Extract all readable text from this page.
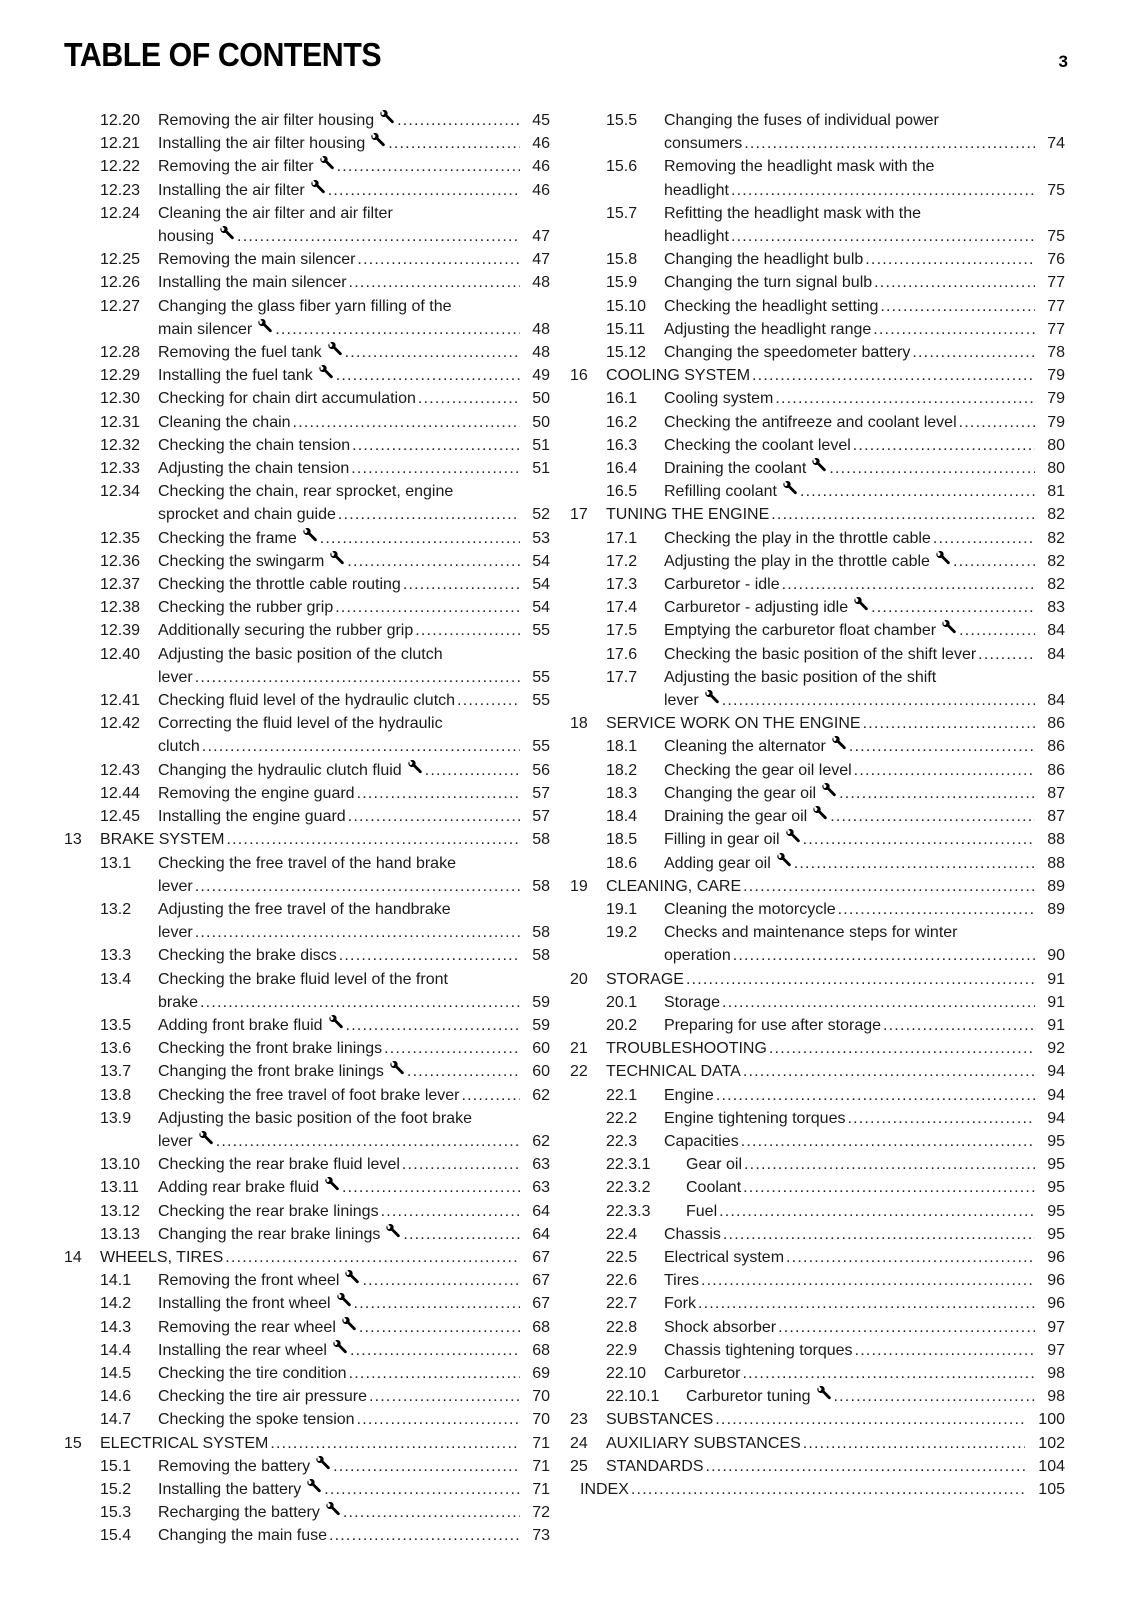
TABLE OF CONTENTS	3
12.20	Removing the air filter housing .....	45
12.21	Installing the air filter housing .....	46
12.22	Removing the air filter .....	46
12.23	Installing the air filter .....	46
12.24	Cleaning the air filter and air filter
housing .....	47
12.25	Removing the main silencer .....	47
12.26	Installing the main silencer .....	48
12.27	Changing the glass fiber yarn filling of the
main silencer .....	48
12.28	Removing the fuel tank .....	48
12.29	Installing the fuel tank .....	49
12.30	Checking for chain dirt accumulation .....	50
12.31	Cleaning the chain .....	50
12.32	Checking the chain tension .....	51
12.33	Adjusting the chain tension .....	51
12.34	Checking the chain, rear sprocket, engine
sprocket and chain guide .....	52
12.35	Checking the frame .....	53
12.36	Checking the swingarm .....	54
12.37	Checking the throttle cable routing .....	54
12.38	Checking the rubber grip .....	54
12.39	Additionally securing the rubber grip .....	55
12.40	Adjusting the basic position of the clutch
lever .....	55
12.41	Checking fluid level of the hydraulic clutch .....	55
12.42	Correcting the fluid level of the hydraulic
clutch .....	55
12.43	Changing the hydraulic clutch fluid .....	56
12.44	Removing the engine guard .....	57
12.45	Installing the engine guard .....	57
13	BRAKE SYSTEM .....	58
13.1	Checking the free travel of the hand brake
lever .....	58
13.2	Adjusting the free travel of the handbrake
lever .....	58
13.3	Checking the brake discs .....	58
13.4	Checking the brake fluid level of the front
brake .....	59
13.5	Adding front brake fluid .....	59
13.6	Checking the front brake linings .....	60
13.7	Changing the front brake linings .....	60
13.8	Checking the free travel of foot brake lever .....	62
13.9	Adjusting the basic position of the foot brake
lever .....	62
13.10	Checking the rear brake fluid level .....	63
13.11	Adding rear brake fluid .....	63
13.12	Checking the rear brake linings .....	64
13.13	Changing the rear brake linings .....	64
14	WHEELS, TIRES .....	67
14.1	Removing the front wheel .....	67
14.2	Installing the front wheel .....	67
14.3	Removing the rear wheel .....	68
14.4	Installing the rear wheel .....	68
14.5	Checking the tire condition .....	69
14.6	Checking the tire air pressure .....	70
14.7	Checking the spoke tension .....	70
15	ELECTRICAL SYSTEM .....	71
15.1	Removing the battery .....	71
15.2	Installing the battery .....	71
15.3	Recharging the battery .....	72
15.4	Changing the main fuse .....	73
15.5	Changing the fuses of individual power
consumers .....	74
15.6	Removing the headlight mask with the
headlight .....	75
15.7	Refitting the headlight mask with the
headlight .....	75
15.8	Changing the headlight bulb .....	76
15.9	Changing the turn signal bulb .....	77
15.10	Checking the headlight setting .....	77
15.11	Adjusting the headlight range .....	77
15.12	Changing the speedometer battery .....	78
16	COOLING SYSTEM .....	79
16.1	Cooling system .....	79
16.2	Checking the antifreeze and coolant level .....	79
16.3	Checking the coolant level .....	80
16.4	Draining the coolant .....	80
16.5	Refilling coolant .....	81
17	TUNING THE ENGINE .....	82
17.1	Checking the play in the throttle cable .....	82
17.2	Adjusting the play in the throttle cable .....	82
17.3	Carburetor - idle .....	82
17.4	Carburetor - adjusting idle .....	83
17.5	Emptying the carburetor float chamber .....	84
17.6	Checking the basic position of the shift lever .....	84
17.7	Adjusting the basic position of the shift
lever .....	84
18	SERVICE WORK ON THE ENGINE .....	86
18.1	Cleaning the alternator .....	86
18.2	Checking the gear oil level .....	86
18.3	Changing the gear oil .....	87
18.4	Draining the gear oil .....	87
18.5	Filling in gear oil .....	88
18.6	Adding gear oil .....	88
19	CLEANING, CARE .....	89
19.1	Cleaning the motorcycle .....	89
19.2	Checks and maintenance steps for winter
operation .....	90
20	STORAGE .....	91
20.1	Storage .....	91
20.2	Preparing for use after storage .....	91
21	TROUBLESHOOTING .....	92
22	TECHNICAL DATA .....	94
22.1	Engine .....	94
22.2	Engine tightening torques .....	94
22.3	Capacities .....	95
22.3.1	Gear oil .....	95
22.3.2	Coolant .....	95
22.3.3	Fuel .....	95
22.4	Chassis .....	95
22.5	Electrical system .....	96
22.6	Tires .....	96
22.7	Fork .....	96
22.8	Shock absorber .....	97
22.9	Chassis tightening torques .....	97
22.10	Carburetor .....	98
22.10.1	Carburetor tuning .....	98
23	SUBSTANCES .....	100
24	AUXILIARY SUBSTANCES .....	102
25	STANDARDS .....	104
INDEX .....	105
